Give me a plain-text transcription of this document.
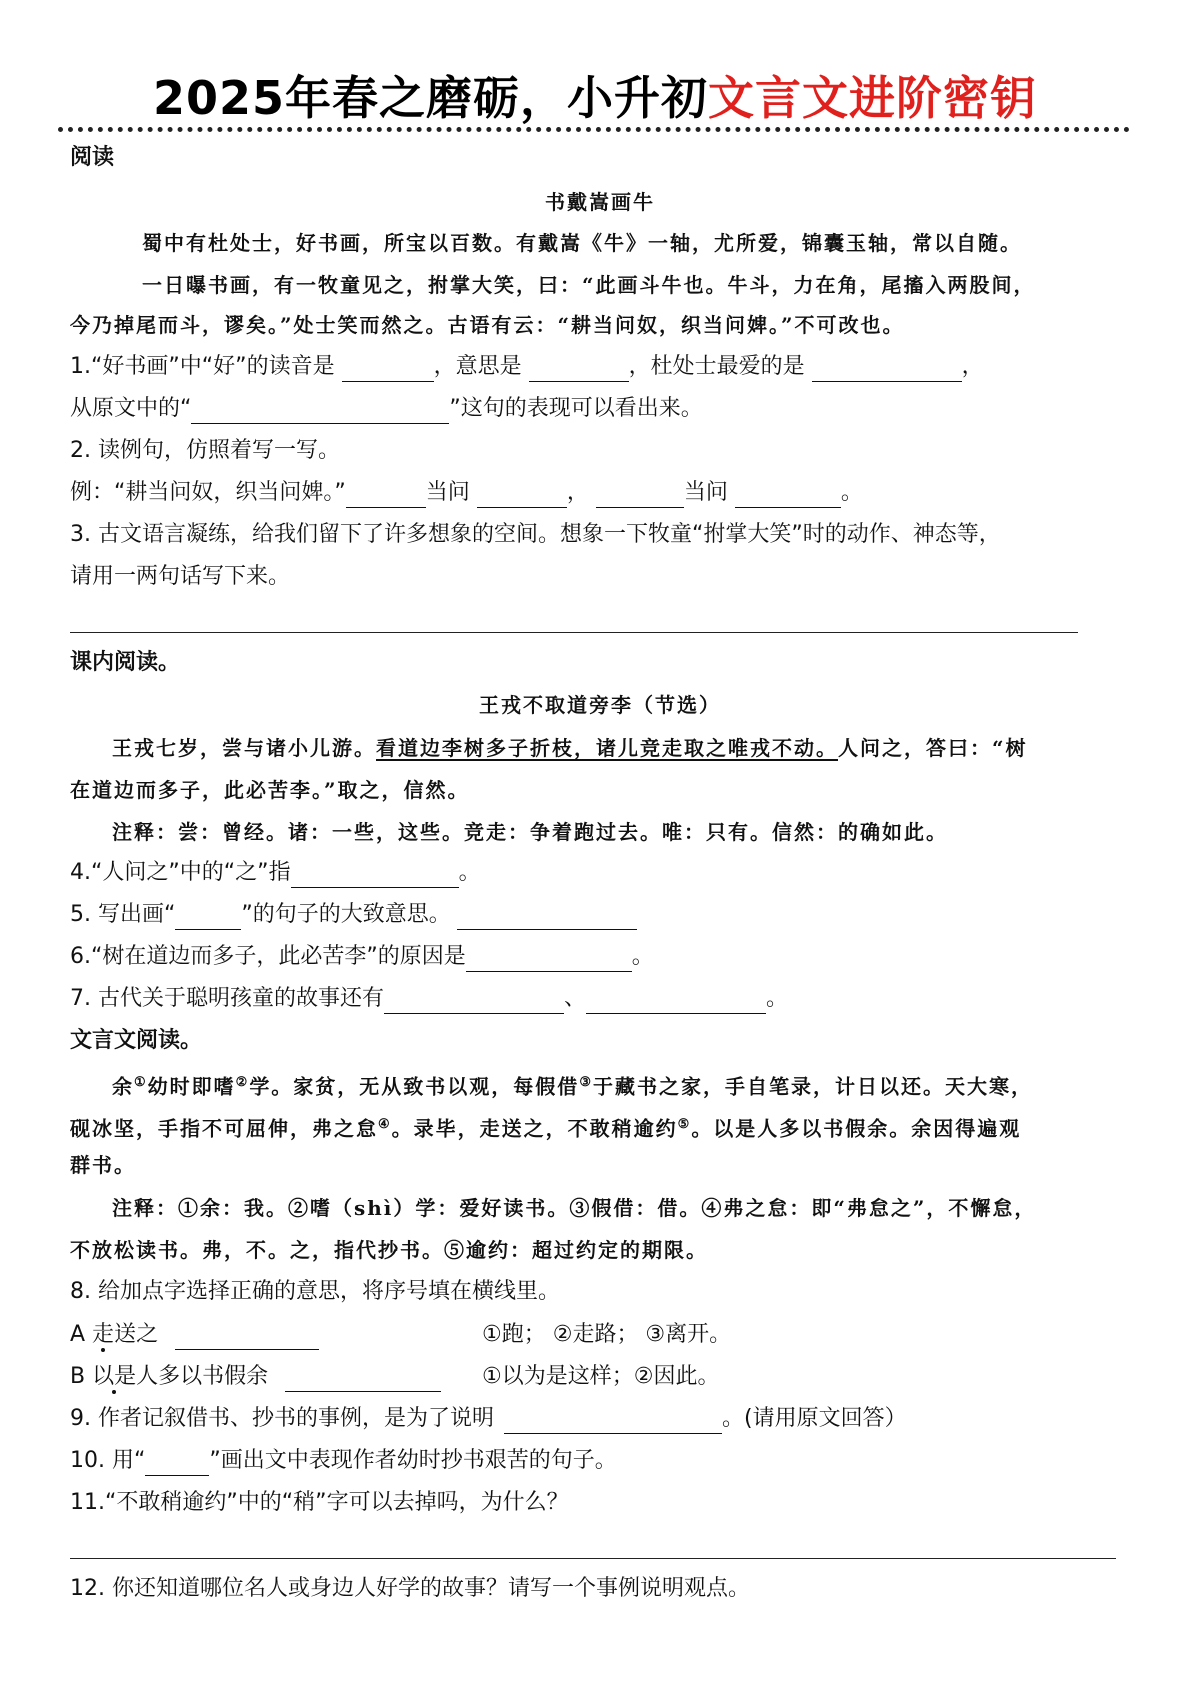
2025年春之磨砺，小升初文言文进阶密钥
阅读
书戴嵩画牛
蜀中有杜处士，好书画，所宝以百数。有戴嵩《牛》一轴，尤所爱，锦囊玉轴，常以自随。
一日曝书画，有一牧童见之，拊掌大笑，曰：“此画斗牛也。牛斗，力在角，尾搐入两股间，
今乃掉尾而斗，谬矣。”处士笑而然之。古语有云：“耕当问奴，织当问婢。”不可改也。
1.“好书画”中“好”的读音是	，意思是	，杜处士最爱的是	，
从原文中的“	”这句的表现可以看出来。
2. 读例句，仿照着写一写。
例：“耕当问奴，织当问婢。”	当问	，	当问	。
3. 古文语言凝练，给我们留下了许多想象的空间。想象一下牧童“拊掌大笑”时的动作、神态等，
请用一两句话写下来。
课内阅读。
王戎不取道旁李（节选）
王戎七岁，尝与诸小儿游。看道边李树多子折枝，诸儿竞走取之唯戎不动。人问之，答曰：“树
在道边而多子，此必苦李。”取之，信然。
注释：尝：曾经。诸：一些，这些。竞走：争着跑过去。唯：只有。信然：的确如此。
4.“人问之”中的“之”指	。
5. 写出画“	”的句子的大致意思。
6.“树在道边而多子，此必苦李”的原因是	。
7. 古代关于聪明孩童的故事还有	、	。
文言文阅读。
余①幼时即嗜②学。家贫，无从致书以观，每假借③于藏书之家，手自笔录，计日以还。天大寒，
砚冰坚，手指不可屈伸，弗之怠④。录毕，走送之，不敢稍逾约⑤。以是人多以书假余。余因得遍观
群书。
注释：①余：我。②嗜（shì）学：爱好读书。③假借：借。④弗之怠：即“弗怠之”，不懈怠，
不放松读书。弗，不。之，指代抄书。⑤逾约：超过约定的期限。
8. 给加点字选择正确的意思，将序号填在横线里。
A 走送之	①跑； ②走路； ③离开。
B 以是人多以书假余	①以为是这样；②因此。
9. 作者记叙借书、抄书的事例，是为了说明	。(请用原文回答）
10. 用“	”画出文中表现作者幼时抄书艰苦的句子。
11.“不敢稍逾约”中的“稍”字可以去掉吗，为什么？
12. 你还知道哪位名人或身边人好学的故事？请写一个事例说明观点。
